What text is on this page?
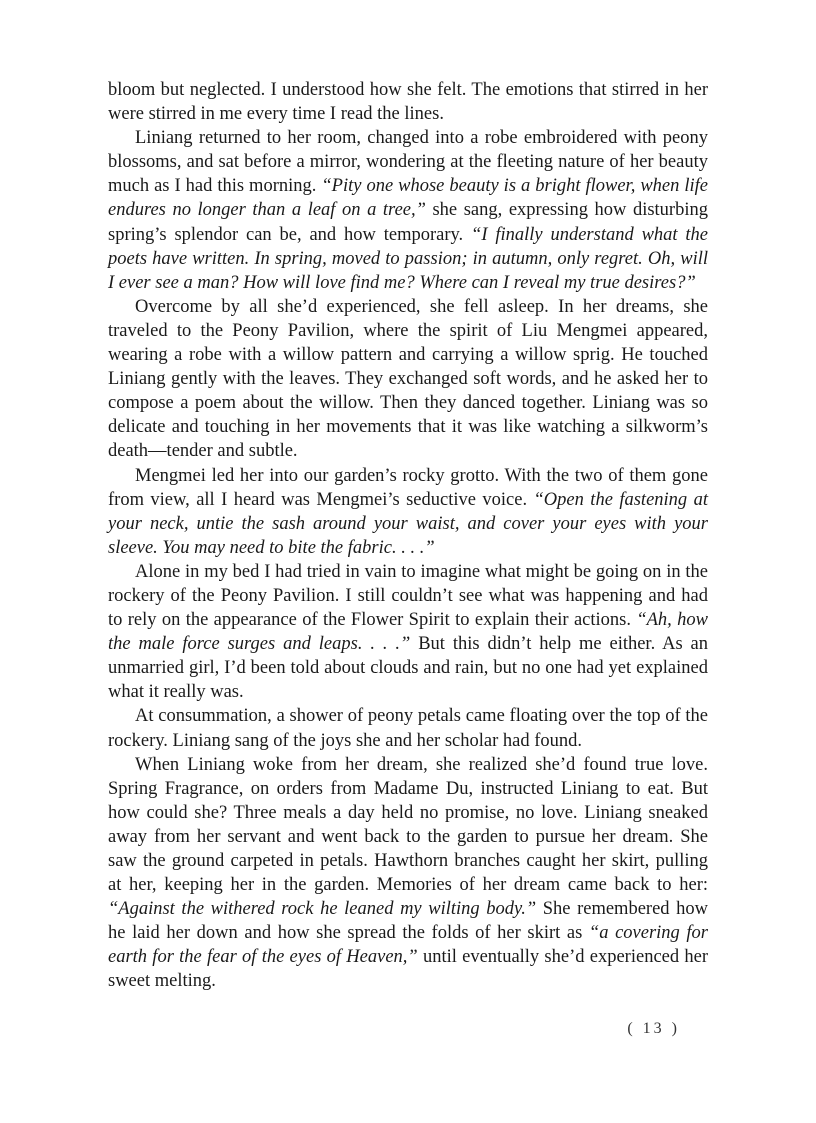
bloom but neglected. I understood how she felt. The emotions that stirred in her were stirred in me every time I read the lines.

Liniang returned to her room, changed into a robe embroidered with peony blossoms, and sat before a mirror, wondering at the fleeting nature of her beauty much as I had this morning. “Pity one whose beauty is a bright flower, when life endures no longer than a leaf on a tree,” she sang, expressing how disturbing spring’s splendor can be, and how temporary. “I finally understand what the poets have written. In spring, moved to passion; in autumn, only regret. Oh, will I ever see a man? How will love find me? Where can I reveal my true desires?”

Overcome by all she’d experienced, she fell asleep. In her dreams, she traveled to the Peony Pavilion, where the spirit of Liu Mengmei appeared, wearing a robe with a willow pattern and carrying a willow sprig. He touched Liniang gently with the leaves. They exchanged soft words, and he asked her to compose a poem about the willow. Then they danced together. Liniang was so delicate and touching in her movements that it was like watching a silkworm’s death—tender and subtle.

Mengmei led her into our garden’s rocky grotto. With the two of them gone from view, all I heard was Mengmei’s seductive voice. “Open the fastening at your neck, untie the sash around your waist, and cover your eyes with your sleeve. You may need to bite the fabric. . . .”

Alone in my bed I had tried in vain to imagine what might be going on in the rockery of the Peony Pavilion. I still couldn’t see what was happening and had to rely on the appearance of the Flower Spirit to explain their actions. “Ah, how the male force surges and leaps. . . .” But this didn’t help me either. As an unmarried girl, I’d been told about clouds and rain, but no one had yet explained what it really was.

At consummation, a shower of peony petals came floating over the top of the rockery. Liniang sang of the joys she and her scholar had found.

When Liniang woke from her dream, she realized she’d found true love. Spring Fragrance, on orders from Madame Du, instructed Liniang to eat. But how could she? Three meals a day held no promise, no love. Liniang sneaked away from her servant and went back to the garden to pursue her dream. She saw the ground carpeted in petals. Hawthorn branches caught her skirt, pulling at her, keeping her in the garden. Memories of her dream came back to her: “Against the withered rock he leaned my wilting body.” She remembered how he laid her down and how she spread the folds of her skirt as “a covering for earth for the fear of the eyes of Heaven,” until eventually she’d experienced her sweet melting.

( 13 )
